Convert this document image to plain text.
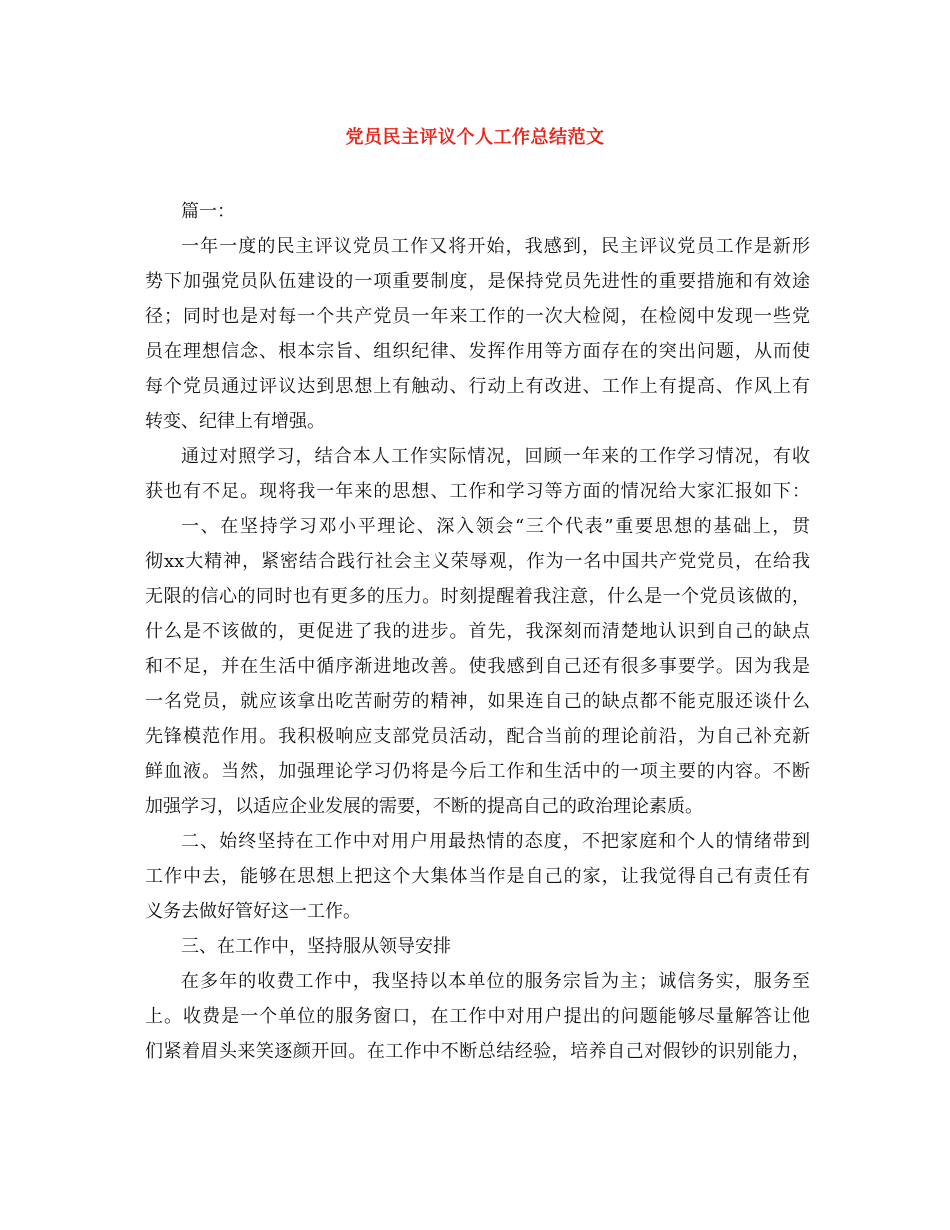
党员民主评议个人工作总结范文
篇一：
一年一度的民主评议党员工作又将开始，我感到，民主评议党员工作是新形
势下加强党员队伍建设的一项重要制度，是保持党员先进性的重要措施和有效途
径；同时也是对每一个共产党员一年来工作的一次大检阅，在检阅中发现一些党
员在理想信念、根本宗旨、组织纪律、发挥作用等方面存在的突出问题，从而使
每个党员通过评议达到思想上有触动、行动上有改进、工作上有提高、作风上有
转变、纪律上有增强。
通过对照学习，结合本人工作实际情况，回顾一年来的工作学习情况，有收
获也有不足。现将我一年来的思想、工作和学习等方面的情况给大家汇报如下：
一、在坚持学习邓小平理论、深入领会“三个代表”重要思想的基础上，贯
彻xx大精神，紧密结合践行社会主义荣辱观，作为一名中国共产党党员，在给我
无限的信心的同时也有更多的压力。时刻提醒着我注意，什么是一个党员该做的，
什么是不该做的，更促进了我的进步。首先，我深刻而清楚地认识到自己的缺点
和不足，并在生活中循序渐进地改善。使我感到自己还有很多事要学。因为我是
一名党员，就应该拿出吃苦耐劳的精神，如果连自己的缺点都不能克服还谈什么
先锋模范作用。我积极响应支部党员活动，配合当前的理论前沿，为自己补充新
鲜血液。当然，加强理论学习仍将是今后工作和生活中的一项主要的内容。不断
加强学习，以适应企业发展的需要，不断的提高自己的政治理论素质。
二、始终坚持在工作中对用户用最热情的态度，不把家庭和个人的情绪带到
工作中去，能够在思想上把这个大集体当作是自己的家，让我觉得自己有责任有
义务去做好管好这一工作。
三、在工作中，坚持服从领导安排
在多年的收费工作中，我坚持以本单位的服务宗旨为主；诚信务实，服务至
上。收费是一个单位的服务窗口，在工作中对用户提出的问题能够尽量解答让他
们紧着眉头来笑逐颜开回。在工作中不断总结经验，培养自己对假钞的识别能力，
